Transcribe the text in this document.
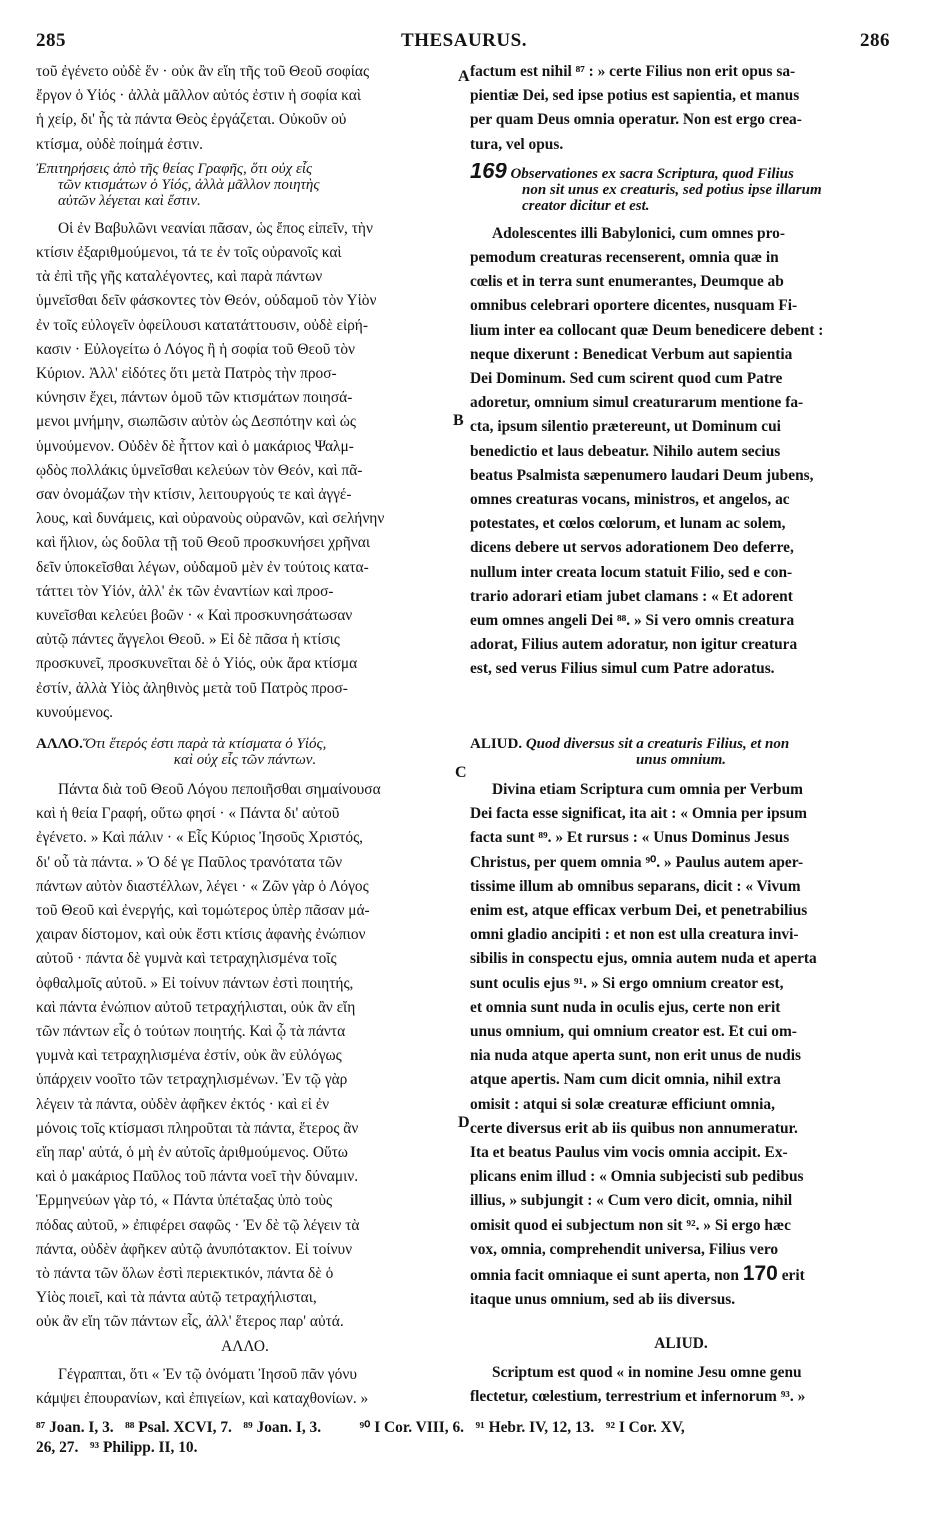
285	THESAURUS.	286
A
B
C
D
τοῦ ἐγένετο οὐδὲ ἕν · οὐκ ἂν εἴη τῆς τοῦ Θεοῦ σοφίας
ἔργον ὁ Υἱός · ἀλλὰ μᾶλλον αὐτός ἐστιν ἡ σοφία καὶ
ἡ χείρ, δι' ἧς τὰ πάντα Θεὸς ἐργάζεται. Οὐκοῦν οὐ
κτίσμα, οὐδὲ ποίημά ἐστιν.
Ἐπιτηρήσεις ἀπὸ τῆς θείας Γραφῆς, ὅτι οὐχ εἷς
τῶν κτισμάτων ὁ Υἱός, ἀλλὰ μᾶλλον ποιητὴς
αὐτῶν λέγεται καὶ ἔστιν.
Οἱ ἐν Βαβυλῶνι νεανίαι πᾶσαν, ὡς ἔπος εἰπεῖν, τὴν
κτίσιν ἐξαριθμούμενοι, τά τε ἐν τοῖς οὐρανοῖς καὶ
τὰ ἐπὶ τῆς γῆς καταλέγοντες, καὶ παρὰ πάντων
ὑμνεῖσθαι δεῖν φάσκοντες τὸν Θεόν, οὐδαμοῦ τὸν Υἱὸν
ἐν τοῖς εὐλογεῖν ὀφείλουσι κατατάττουσιν, οὐδὲ εἰρή-
κασιν · Εὐλογείτω ὁ Λόγος ἢ ἡ σοφία τοῦ Θεοῦ τὸν
Κύριον. Ἀλλ' εἰδότες ὅτι μετὰ Πατρὸς τὴν προσ-
κύνησιν ἔχει, πάντων ὁμοῦ τῶν κτισμάτων ποιησά-
μενοι μνήμην, σιωπῶσιν αὐτὸν ὡς Δεσπότην καὶ ὡς
ὑμνούμενον. Οὐδὲν δὲ ἧττον καὶ ὁ μακάριος Ψαλμ-
ῳδὸς πολλάκις ὑμνεῖσθαι κελεύων τὸν Θεόν, καὶ πᾶ-
σαν ὀνομάζων τὴν κτίσιν, λειτουργούς τε καὶ ἀγγέ-
λους, καὶ δυνάμεις, καὶ οὐρανοὺς οὐρανῶν, καὶ σελήνην
καὶ ἥλιον, ὡς δοῦλα τῇ τοῦ Θεοῦ προσκυνήσει χρῆναι
δεῖν ὑποκεῖσθαι λέγων, οὐδαμοῦ μὲν ἐν τούτοις κατα-
τάττει τὸν Υἱόν, ἀλλ' ἐκ τῶν ἐναντίων καὶ προσ-
κυνεῖσθαι κελεύει βοῶν · « Καὶ προσκυνησάτωσαν
αὐτῷ πάντες ἄγγελοι Θεοῦ. » Εἰ δὲ πᾶσα ἡ κτίσις
προσκυνεῖ, προσκυνεῖται δὲ ὁ Υἱός, οὐκ ἄρα κτίσμα
ἐστίν, ἀλλὰ Υἱὸς ἀληθινὸς μετὰ τοῦ Πατρὸς προσ-
κυνούμενος.
ΑΛΛΟ.Ὅτι ἕτερός ἐστι παρὰ τὰ κτίσματα ὁ Υἱός,
καὶ οὐχ εἷς τῶν πάντων.
Πάντα διὰ τοῦ Θεοῦ Λόγου πεποιῆσθαι σημαίνουσα
καὶ ἡ θεία Γραφή, οὕτω φησί · « Πάντα δι' αὐτοῦ
ἐγένετο. » Καὶ πάλιν · « Εἷς Κύριος Ἰησοῦς Χριστός,
δι' οὗ τὰ πάντα. » Ὁ δέ γε Παῦλος τρανότατα τῶν
πάντων αὐτὸν διαστέλλων, λέγει · « Ζῶν γὰρ ὁ Λόγος
τοῦ Θεοῦ καὶ ἐνεργής, καὶ τομώτερος ὑπὲρ πᾶσαν μά-
χαιραν δίστομον, καὶ οὐκ ἔστι κτίσις ἀφανὴς ἐνώπιον
αὐτοῦ · πάντα δὲ γυμνὰ καὶ τετραχηλισμένα τοῖς
ὀφθαλμοῖς αὐτοῦ. » Εἰ τοίνυν πάντων ἐστὶ ποιητής,
καὶ πάντα ἐνώπιον αὐτοῦ τετραχήλισται, οὐκ ἂν εἴη
τῶν πάντων εἷς ὁ τούτων ποιητής. Καὶ ᾧ τὰ πάντα
γυμνὰ καὶ τετραχηλισμένα ἐστίν, οὐκ ἂν εὐλόγως
ὑπάρχειν νοοῖτο τῶν τετραχηλισμένων. Ἐν τῷ γὰρ
λέγειν τὰ πάντα, οὐδὲν ἀφῆκεν ἐκτός · καὶ εἰ ἐν
μόνοις τοῖς κτίσμασι πληροῦται τὰ πάντα, ἕτερος ἂν
εἴη παρ' αὐτά, ὁ μὴ ἐν αὐτοῖς ἀριθμούμενος. Οὕτω
καὶ ὁ μακάριος Παῦλος τοῦ πάντα νοεῖ τὴν δύναμιν.
Ἑρμηνεύων γὰρ τό, « Πάντα ὑπέταξας ὑπὸ τοὺς
πόδας αὐτοῦ, » ἐπιφέρει σαφῶς · Ἐν δὲ τῷ λέγειν τὰ
πάντα, οὐδὲν ἀφῆκεν αὐτῷ ἀνυπότακτον. Εἰ τοίνυν
τὸ πάντα τῶν ὅλων ἐστὶ περιεκτικόν, πάντα δὲ ὁ
Υἱὸς ποιεῖ, καὶ τὰ πάντα αὐτῷ τετραχήλισται,
οὐκ ἂν εἴη τῶν πάντων εἷς, ἀλλ' ἕτερος παρ' αὐτά.
ΑΛΛΟ.
Γέγραπται, ὅτι « Ἐν τῷ ὀνόματι Ἰησοῦ πᾶν γόνυ
κάμψει ἐπουρανίων, καὶ ἐπιγείων, καὶ καταχθονίων. »
factum est nihil ⁸⁷ : » certe Filius non erit opus sa-
pientiæ Dei, sed ipse potius est sapientia, et manus
per quam Deus omnia operatur. Non est ergo crea-
tura, vel opus.
169 Observationes ex sacra Scriptura, quod Filius
non sit unus ex creaturis, sed potius ipse illarum
creator dicitur et est.
Adolescentes illi Babylonici, cum omnes pro-
pemodum creaturas recenserent, omnia quæ in
cœlis et in terra sunt enumerantes, Deumque ab
omnibus celebrari oportere dicentes, nusquam Fi-
lium inter ea collocant quæ Deum benedicere debent :
neque dixerunt : Benedicat Verbum aut sapientia
Dei Dominum. Sed cum scirent quod cum Patre
adoretur, omnium simul creaturarum mentione fa-
cta, ipsum silentio prætereunt, ut Dominum cui
benedictio et laus debeatur. Nihilo autem secius
beatus Psalmista sæpenumero laudari Deum jubens,
omnes creaturas vocans, ministros, et angelos, ac
potestates, et cœlos cœlorum, et lunam ac solem,
dicens debere ut servos adorationem Deo deferre,
nullum inter creata locum statuit Filio, sed e con-
trario adorari etiam jubet clamans : « Et adorent
eum omnes angeli Dei ⁸⁸. » Si vero omnis creatura
adorat, Filius autem adoratur, non igitur creatura
est, sed verus Filius simul cum Patre adoratus.
ALIUD. Quod diversus sit a creaturis Filius, et non
unus omnium.
Divina etiam Scriptura cum omnia per Verbum
Dei facta esse significat, ita ait : « Omnia per ipsum
facta sunt ⁸⁹. » Et rursus : « Unus Dominus Jesus
Christus, per quem omnia ⁹⁰. » Paulus autem aper-
tissime illum ab omnibus separans, dicit : « Vivum
enim est, atque efficax verbum Dei, et penetrabilius
omni gladio ancipiti : et non est ulla creatura invi-
sibilis in conspectu ejus, omnia autem nuda et aperta
sunt oculis ejus ⁹¹. » Si ergo omnium creator est,
et omnia sunt nuda in oculis ejus, certe non erit
unus omnium, qui omnium creator est. Et cui om-
nia nuda atque aperta sunt, non erit unus de nudis
atque apertis. Nam cum dicit omnia, nihil extra
omisit : atqui si solæ creaturæ efficiunt omnia,
certe diversus erit ab iis quibus non annumeratur.
Ita et beatus Paulus vim vocis omnia accipit. Ex-
plicans enim illud : « Omnia subjecisti sub pedibus
illius, » subjungit : « Cum vero dicit, omnia, nihil
omisit quod ei subjectum non sit ⁹². » Si ergo hæc
vox, omnia, comprehendit universa, Filius vero
omnia facit omniaque ei sunt aperta, non 170 erit
itaque unus omnium, sed ab iis diversus.
ALIUD.
Scriptum est quod « in nomine Jesu omne genu
flectetur, cœlestium, terrestrium et infernorum ⁹³. »
⁸⁷ Joan. I, 3.   ⁸⁸ Psal. XCVI, 7.   ⁸⁹ Joan. I, 3.          ⁹⁰ I Cor. VIII, 6.   ⁹¹ Hebr. IV, 12, 13.   ⁹² I Cor. XV,
26, 27.   ⁹³ Philipp. II, 10.
